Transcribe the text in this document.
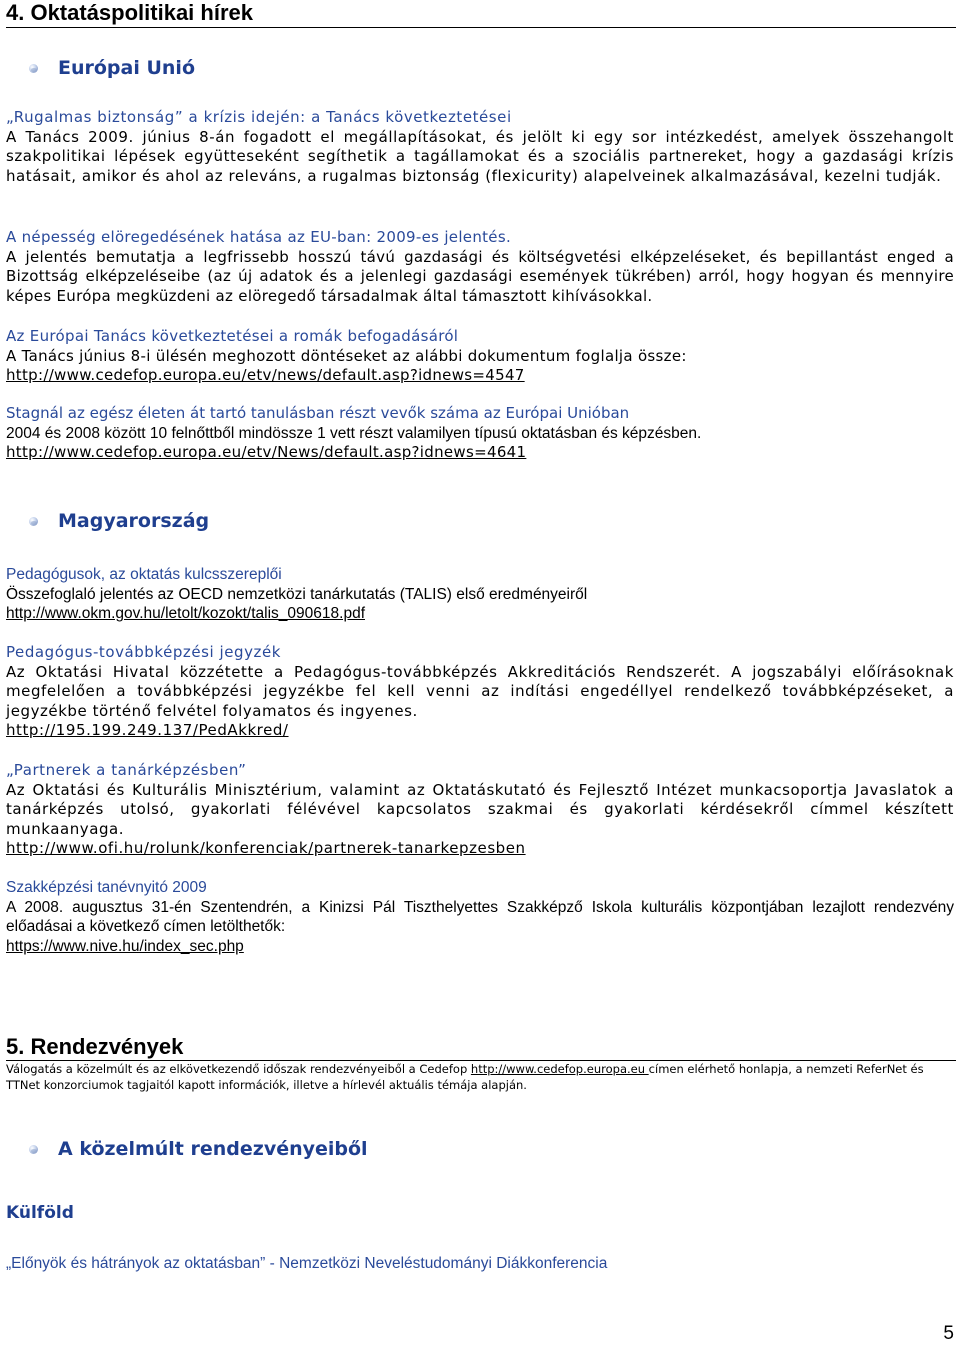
4. Oktatáspolitikai hírek
Európai Unió
„Rugalmas biztonság” a krízis idején: a Tanács következtetései
A Tanács 2009. június 8-án fogadott el megállapításokat, és jelölt ki egy sor intézkedést, amelyek összehangolt szakpolitikai lépések együtteseként segíthetik a tagállamokat és a szociális partnereket, hogy a gazdasági krízis hatásait, amikor és ahol az releváns, a rugalmas biztonság (flexicurity) alapelveinek alkalmazásával, kezelni tudják.
A népesség elöregedésének hatása az EU-ban: 2009-es jelentés.
A jelentés bemutatja a legfrissebb hosszú távú gazdasági és költségvetési elképzeléseket, és bepillantást enged a Bizottság elképzeléseibe (az új adatok és a jelenlegi gazdasági események tükrében) arról, hogy hogyan és mennyire képes Európa megküzdeni az elöregedő társadalmak által támasztott kihívásokkal.
Az Európai Tanács következtetései a romák befogadásáról
A Tanács június 8-i ülésén meghozott döntéseket az alábbi dokumentum foglalja össze:
http://www.cedefop.europa.eu/etv/news/default.asp?idnews=4547
Stagnál az egész életen át tartó tanulásban részt vevők száma az Európai Unióban
2004 és 2008 között 10 felnőttből mindössze 1 vett részt valamilyen típusú oktatásban és képzésben.
http://www.cedefop.europa.eu/etv/News/default.asp?idnews=4641
Magyarország
Pedagógusok, az oktatás kulcsszereplői
Összefoglaló jelentés az OECD nemzetközi tanárkutatás (TALIS) első eredményeiről
http://www.okm.gov.hu/letolt/kozokt/talis_090618.pdf
Pedagógus-továbbképzési jegyzék
Az Oktatási Hivatal közzétette a Pedagógus-továbbképzés Akkreditációs Rendszerét. A jogszabályi előírásoknak megfelelően a továbbképzési jegyzékbe fel kell venni az indítási engedéllyel rendelkező továbbképzéseket, a jegyzékbe történő felvétel folyamatos és ingyenes.
http://195.199.249.137/PedAkkred/
„Partnerek a tanárképzésben”
Az Oktatási és Kulturális Minisztérium, valamint az Oktatáskutató és Fejlesztő Intézet munkacsoportja Javaslatok a tanárképzés utolsó, gyakorlati félévével kapcsolatos szakmai és gyakorlati kérdésekről címmel készített munkaanyaga.
http://www.ofi.hu/rolunk/konferenciak/partnerek-tanarkepzesben
Szakképzési tanévnyitó 2009
A 2008. augusztus 31-én Szentendrén, a Kinizsi Pál Tiszthelyettes Szakképző Iskola kulturális központjában lezajlott rendezvény előadásai a következő címen letölthetők:
https://www.nive.hu/index_sec.php
5. Rendezvények
Válogatás a közelmúlt és az elkövetkezendő időszak rendezvényeiből a Cedefop http://www.cedefop.europa.eu címen elérhető honlapja, a nemzeti ReferNet és TTNet konzorciumok tagjaitól kapott információk, illetve a hírlevél aktuális témája alapján.
A közelmúlt rendezvényeiből
Külföld
„Előnyök és hátrányok az oktatásban” - Nemzetközi Neveléstudományi Diákkonferencia
5
